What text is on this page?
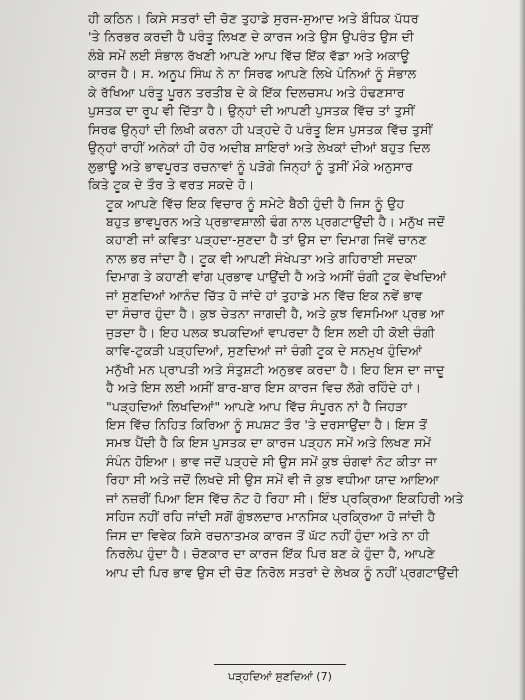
ਹੀ ਕਠਿਨ। ਕਿਸੇ ਸਤਰਾਂ ਦੀ ਚੋਣ ਤੁਹਾਡੇ ਸੁਰਜ-ਸੁਆਦ ਅਤੇ ਬੌਧਿਕ ਪੱਧਰ
'ਤੇ ਨਿਰਭਰ ਕਰਦੀ ਹੈ ਪਰੰਤੂ ਲਿਖਣ ਦੇ ਕਾਰਜ ਅਤੇ ਉਸ ਉਪਰੰਤ ਉਸ ਦੀ
ਲੰਬੇ ਸਮੇਂ ਲਈ ਸੰਭਾਲ ਰੱਖਣੀ ਆਪਣੇ ਆਪ ਵਿੱਚ ਇੱਕ ਵੱਡਾ ਅਤੇ ਅਕਾਊ
ਕਾਰਜ ਹੈ। ਸ. ਅਨੂਪ ਸਿੰਘ ਨੇ ਨਾ ਸਿਰਫ ਆਪਣੇ ਲਿਖੇ ਪੰਨਿਆਂ ਨੂੰ ਸੰਭਾਲ
ਕੇ ਰੱਖਿਆ ਪਰੰਤੂ ਪੂਰਨ ਤਰਤੀਬ ਦੇ ਕੇ ਇੱਕ ਦਿਲਚਸਪ ਅਤੇ ਹੰਢਣਸਾਰ
ਪੁਸਤਕ ਦਾ ਰੂਪ ਵੀ ਦਿੱਤਾ ਹੈ। ਉਨ੍ਹਾਂ ਦੀ ਆਪਣੀ ਪੁਸਤਕ ਵਿੱਚ ਤਾਂ ਤੁਸੀਂ
ਸਿਰਫ ਉਨ੍ਹਾਂ ਦੀ ਲਿਖੀ ਕਰਨਾ ਹੀ ਪੜ੍ਹਦੇ ਹੋ ਪਰੰਤੂ ਇਸ ਪੁਸਤਕ ਵਿੱਚ ਤੁਸੀਂ
ਉਨ੍ਹਾਂ ਰਾਹੀਂ ਅਨੇਕਾਂ ਹੀ ਹੋਰ ਅਦੀਬ ਸ਼ਾਇਰਾਂ ਅਤੇ ਲੇਖਕਾਂ ਦੀਆਂ ਬਹੁਤ ਦਿਲ
ਲੁਭਾਊ ਅਤੇ ਭਾਵਪੂਰਤ ਰਚਨਾਵਾਂ ਨੂੰ ਪੜੋਗੇ ਜਿਨ੍ਹਾਂ ਨੂੰ ਤੁਸੀਂ ਮੌਕੇ ਅਨੁਸਾਰ
ਕਿਤੇ ਟੂਕ ਦੇ ਤੌਰ ਤੇ ਵਰਤ ਸਕਦੇ ਹੋ।
ਟੂਕ ਆਪਣੇ ਵਿੱਚ ਇਕ ਵਿਚਾਰ ਨੂੰ ਸਮੇਟੇ ਬੈਠੀ ਹੁੰਦੀ ਹੈ ਜਿਸ ਨੂੰ ਉਹ
ਬਹੁਤ ਭਾਵਪੂਰਨ ਅਤੇ ਪ੍ਰਭਾਵਸ਼ਾਲੀ ਢੰਗ ਨਾਲ ਪ੍ਰਗਟਾਉਂਦੀ ਹੈ। ਮਨੁੱਖ ਜਦੋਂ
ਕਹਾਣੀ ਜਾਂ ਕਵਿਤਾ ਪੜ੍ਹਦਾ-ਸੁਣਦਾ ਹੈ ਤਾਂ ਉਸ ਦਾ ਦਿਮਾਗ ਜਿਵੇਂ ਚਾਨਣ
ਨਾਲ ਭਰ ਜਾਂਦਾ ਹੈ। ਟੂਕ ਵੀ ਆਪਣੀ ਸੰਖੇਪਤਾ ਅਤੇ ਗਹਿਰਾਈ ਸਦਕਾ
ਦਿਮਾਗ ਤੇ ਕਹਾਣੀ ਵਾਂਗ ਪ੍ਰਭਾਵ ਪਾਉਂਦੀ ਹੈ ਅਤੇ ਅਸੀਂ ਚੰਗੀ ਟੂਕ ਵੇਖਦਿਆਂ
ਜਾਂ ਸੁਣਦਿਆਂ ਆਨੰਦ ਚਿੱਤ ਹੋ ਜਾਂਦੇ ਹਾਂ ਤੁਹਾਡੇ ਮਨ ਵਿੱਚ ਇਕ ਨਵੇਂ ਭਾਵ
ਦਾ ਸੰਚਾਰ ਹੁੰਦਾ ਹੈ। ਕੁਝ ਚੇਤਨਾ ਜਾਗਦੀ ਹੈ, ਅਤੇ ਕੁਝ ਵਿਸਮਿਆ ਪ੍ਰਭ ਆ
ਜੁੜਦਾ ਹੈ। ਇਹ ਪਲਕ ਝਪਕਦਿਆਂ ਵਾਪਰਦਾ ਹੈ ਇਸ ਲਈ ਹੀ ਕੋਈ ਚੰਗੀ
ਕਾਵਿ-ਟੁਕੜੀ ਪੜ੍ਹਦਿਆਂ, ਸੁਣਦਿਆਂ ਜਾਂ ਚੰਗੀ ਟੂਕ ਦੇ ਸਨਮੁਖ ਹੁੰਦਿਆਂ
ਮਨੁੱਖੀ ਮਨ ਪ੍ਰਾਪਤੀ ਅਤੇ ਸੰਤੁਸ਼ਟੀ ਅਨੁਭਵ ਕਰਦਾ ਹੈ। ਇਹ ਇਸ ਦਾ ਜਾਦੂ
ਹੈ ਅਤੇ ਇਸ ਲਈ ਅਸੀਂ ਬਾਰ-ਬਾਰ ਇਸ ਕਾਰਜ ਵਿਚ ਲੱਗੇ ਰਹਿੰਦੇ ਹਾਂ।
"ਪੜ੍ਹਦਿਆਂ ਲਿਖਦਿਆਂ" ਆਪਣੇ ਆਪ ਵਿੱਚ ਸੰਪੂਰਨ ਨਾਂ ਹੈ ਜਿਹੜਾ
ਇਸ ਵਿੱਚ ਨਿਹਿਤ ਕਿਰਿਆ ਨੂੰ ਸਪਸ਼ਟ ਤੌਰ 'ਤੇ ਦਰਸਾਉਂਦਾ ਹੈ। ਇਸ ਤੋਂ
ਸਮਝ ਪੈਂਦੀ ਹੈ ਕਿ ਇਸ ਪੁਸਤਕ ਦਾ ਕਾਰਜ ਪੜ੍ਹਨ ਸਮੇਂ ਅਤੇ ਲਿਖਣ ਸਮੇਂ
ਸੰਪੰਨ ਹੋਇਆ। ਭਾਵ ਜਦੋਂ ਪੜ੍ਹਦੇ ਸੀ ਉਸ ਸਮੇਂ ਕੁਝ ਚੰਗਵਾਂ ਨੋਟ ਕੀਤਾ ਜਾ
ਰਿਹਾ ਸੀ ਅਤੇ ਜਦੋਂ ਲਿਖਦੇ ਸੀ ਉਸ ਸਮੇਂ ਵੀ ਜੋ ਕੁਝ ਵਧੀਆ ਯਾਦ ਆਇਆ
ਜਾਂ ਨਜ਼ਰੀਂ ਪਿਆ ਇਸ ਵਿੱਚ ਨੋਟ ਹੋ ਰਿਹਾ ਸੀ। ਇੰਝ ਪ੍ਰਕ੍ਰਿਆ ਇਕਹਿਰੀ ਅਤੇ
ਸਹਿਜ ਨਹੀਂ ਰਹਿ ਜਾਂਦੀ ਸਗੋਂ ਗੁੰਝਲਦਾਰ ਮਾਨਸਿਕ ਪ੍ਰਕ੍ਰਿਆ ਹੋ ਜਾਂਦੀ ਹੈ
ਜਿਸ ਦਾ ਵਿਵੇਕ ਕਿਸੇ ਰਚਨਾਤਮਕ ਕਾਰਜ ਤੋਂ ਘੱਟ ਨਹੀਂ ਹੁੰਦਾ ਅਤੇ ਨਾ ਹੀ
ਨਿਰਲੇਪ ਹੁੰਦਾ ਹੈ। ਚੋਣਕਾਰ ਦਾ ਕਾਰਜ ਇੱਕ ਪਿਰ ਬਣ ਕੇ ਹੁੰਦਾ ਹੈ, ਆਪਣੇ
ਆਪ ਦੀ ਪਿਰ ਭਾਵ ਉਸ ਦੀ ਚੋਣ ਨਿਰੋਲ ਸਤਰਾਂ ਦੇ ਲੇਖਕ ਨੂੰ ਨਹੀਂ ਪ੍ਰਗਟਾਉਂਦੀ
ਪੜ੍ਹਦਿਆਂ ਸੁਣਦਿਆਂ (7)
